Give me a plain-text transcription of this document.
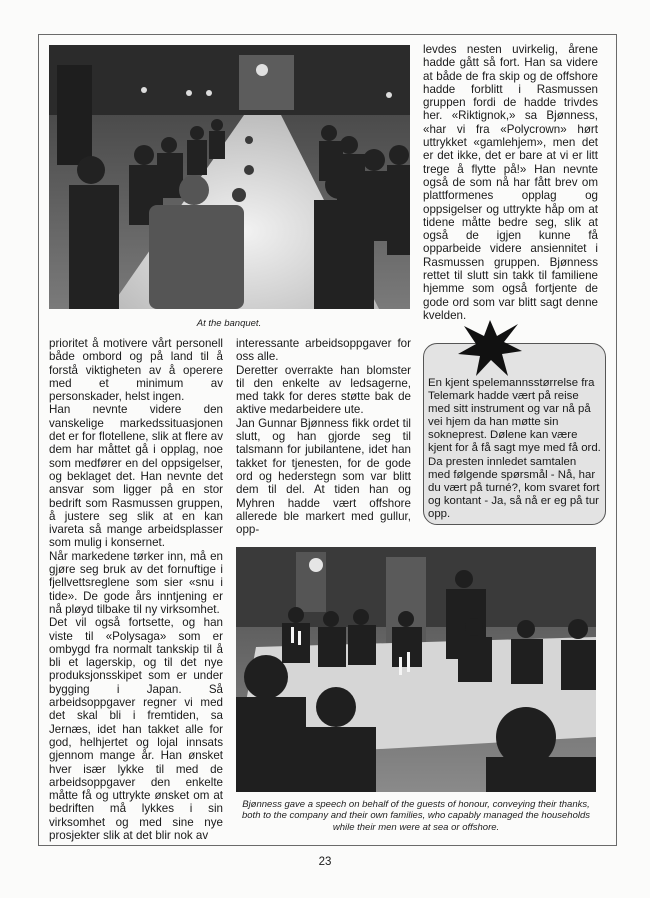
At the banquet.

levdes nesten uvirkelig, årene hadde gått så fort. Han sa videre at både de fra skip og de offshore hadde forblitt i Rasmussen gruppen fordi de hadde trivdes her. «Riktignok,» sa Bjønness, «har vi fra «Polycrown» hørt uttrykket «gamlehjem», men det er det ikke, det er bare at vi er litt trege å flytte på!» Han nevnte også de som nå har fått brev om plattformenes opplag og oppsigelser og uttrykte håp om at tidene måtte bedre seg, slik at også de igjen kunne få opparbeide videre ansiennitet i Rasmussen gruppen. Bjønness rettet til slutt sin takk til familiene hjemme som også fortjente de gode ord som var blitt sagt denne kvelden.

prioritet å motivere vårt personell både ombord og på land til å forstå viktigheten av å operere med et minimum av personskader, helst ingen.

Han nevnte videre den vanskelige markedssituasjonen det er for flotellene, slik at flere av dem har måttet gå i opplag, noe som medfører en del oppsigelser, og beklaget det. Han nevnte det ansvar som ligger på en stor bedrift som Rasmussen gruppen, å justere seg slik at en kan ivareta så mange arbeidsplasser som mulig i konsernet.

Når markedene tørker inn, må en gjøre seg bruk av det fornuftige i fjellvettsreglene som sier «snu i tide». De gode års inntjening er nå pløyd tilbake til ny virksomhet.

Det vil også fortsette, og han viste til «Polysaga» som er ombygd fra normalt tankskip til å bli et lagerskip, og til det nye produksjonsskipet som er under bygging i Japan. Så arbeidsoppgaver regner vi med det skal bli i fremtiden, sa Jernæs, idet han takket alle for god, helhjertet og lojal innsats gjennom mange år. Han ønsket hver især lykke til med de arbeidsoppgaver den enkelte måtte få og uttrykte ønsket om at bedriften må lykkes i sin virksomhet og med sine nye prosjekter slik at det blir nok av

interessante arbeidsoppgaver for oss alle.

Deretter overrakte han blomster til den enkelte av ledsagerne, med takk for deres støtte bak de aktive medarbeidere ute.

Jan Gunnar Bjønness fikk ordet til slutt, og han gjorde seg til talsmann for jubilantene, idet han takket for tjenesten, for de gode ord og hederstegn som var blitt dem til del. At tiden han og Myhren hadde vært offshore allerede ble markert med gullur, opp-

En kjent spelemannsstørrelse fra Telemark hadde vært på reise med sitt instrument og var nå på vei hjem da han møtte sin sokneprest. Dølene kan være kjent for å få sagt mye med få ord. Da presten innledet samtalen med følgende spørsmål - Nå, har du vært på turné?, kom svaret fort og kontant - Ja, så nå er eg på tur opp.
Bjønness gave a speech on behalf of the guests of honour, conveying their thanks, both to the company and their own families, who capably managed the households while their men were at sea or offshore.
23
